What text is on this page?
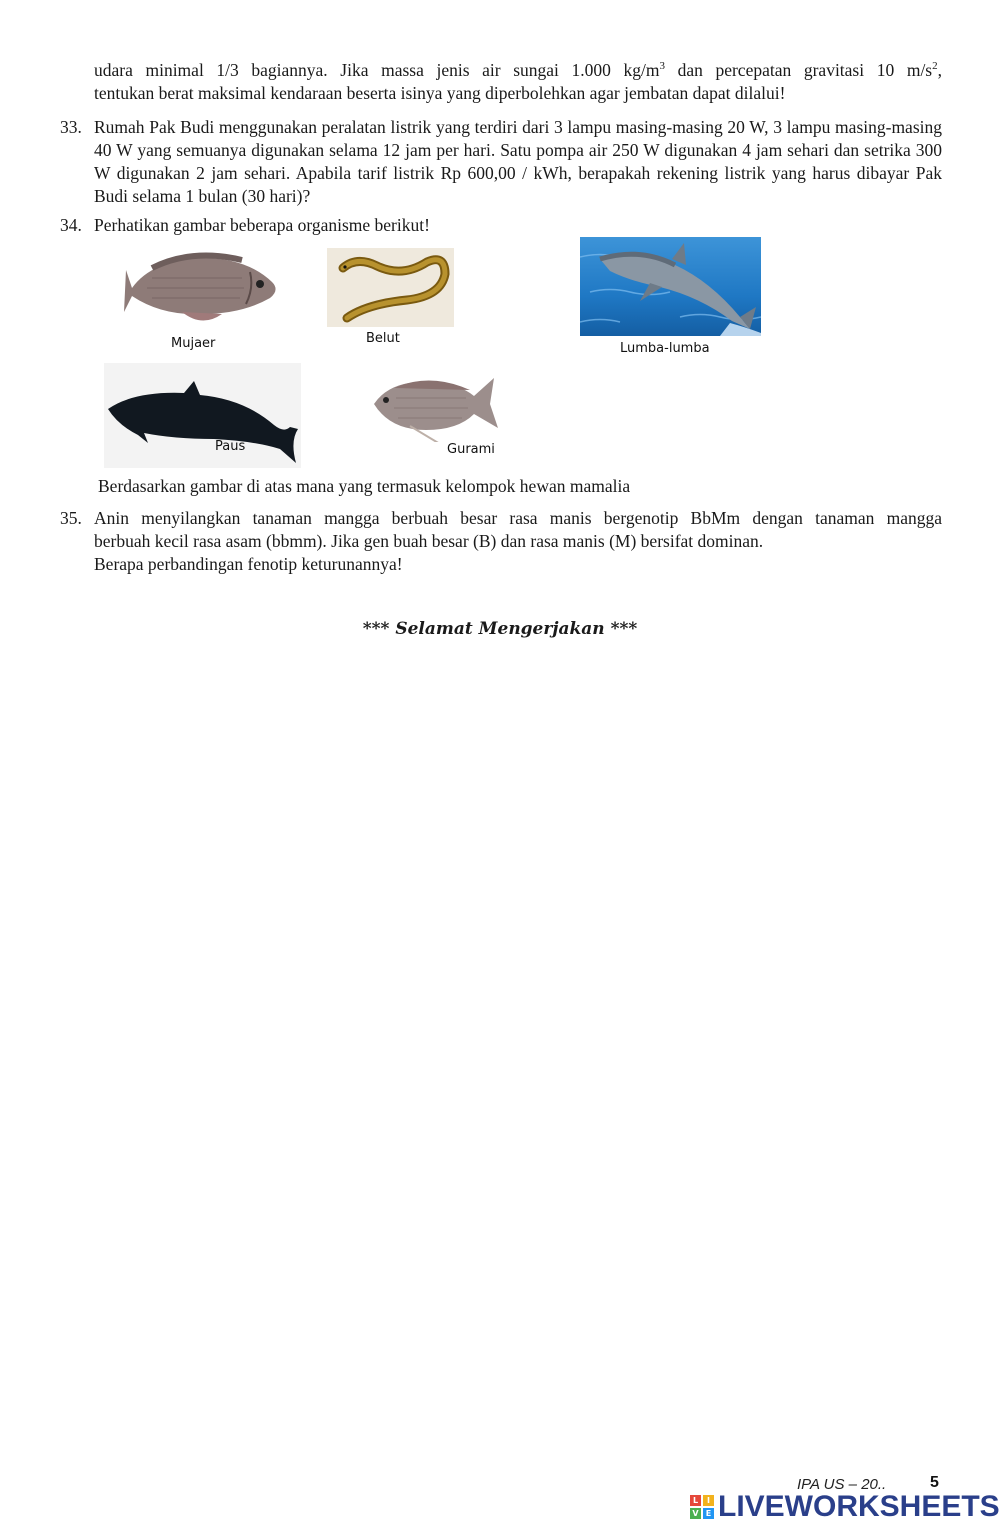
udara minimal 1/3 bagiannya. Jika massa jenis air sungai 1.000 $kg/m^3$ dan percepatan gravitasi 10 $m/s^2$,
tentukan berat maksimal kendaraan beserta isinya yang diperbolehkan agar jembatan dapat dilalui!
33. Rumah Pak Budi menggunakan peralatan listrik yang terdiri dari 3 lampu masing-masing 20 W, 3 lampu masing-masing 40 W yang semuanya digunakan selama 12 jam per hari. Satu pompa air 250 W digunakan 4 jam sehari dan setrika 300 W digunakan 2 jam sehari. Apabila tarif listrik Rp 600,00 / kWh, berapakah rekening listrik yang harus dibayar Pak Budi selama 1 bulan (30 hari)?
34. Perhatikan gambar beberapa organisme berikut!
Mujaer	Belut
Lumba-lumba
Paus	Gurami
Berdasarkan gambar di atas mana yang termasuk kelompok hewan mamalia
35. Anin menyilangkan tanaman mangga berbuah besar rasa manis bergenotip BbMm dengan tanaman mangga
berbuah kecil rasa asam (bbmm). Jika gen buah besar (B) dan rasa manis (M) bersifat dominan.
Berapa perbandingan fenotip keturunannya!
*** Selamat Mengerjakan ***
IPA US – 20..	5
L	I
V E LIVEWORKSHEETS
